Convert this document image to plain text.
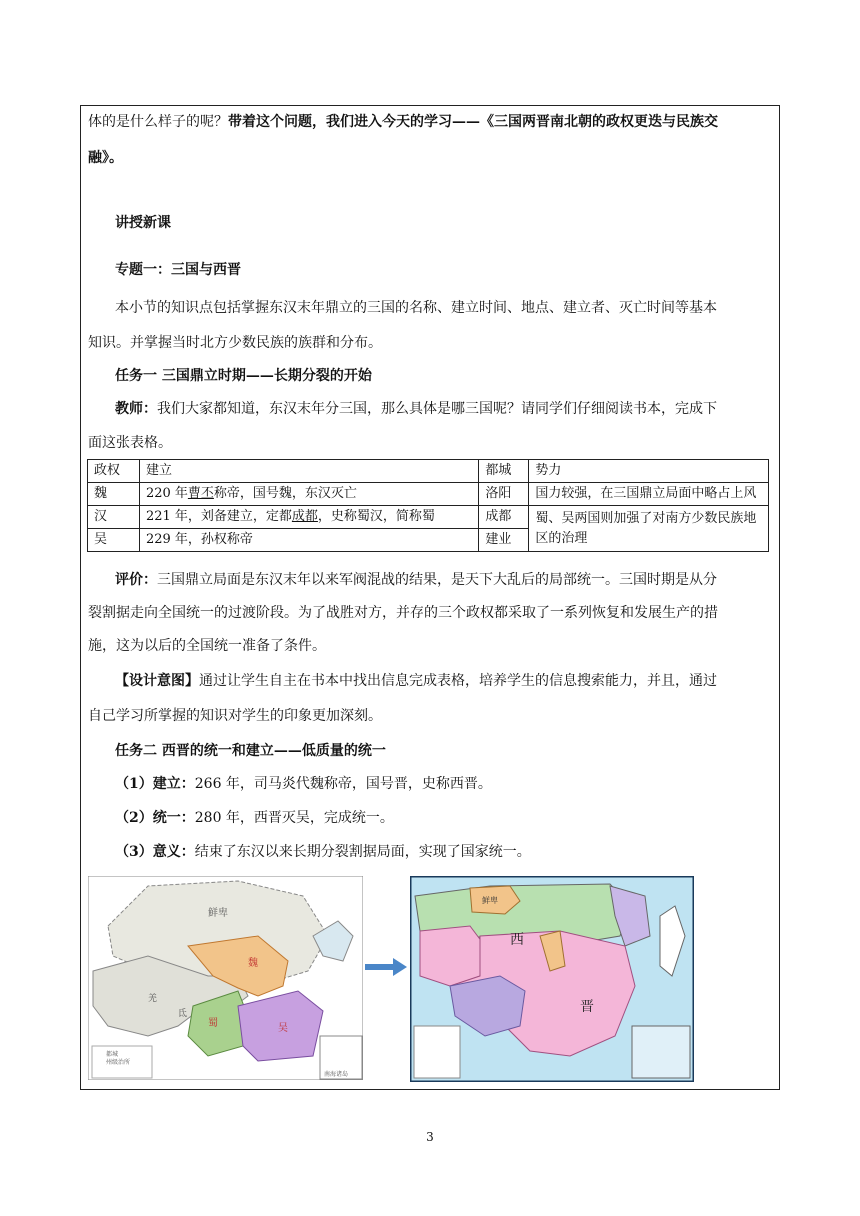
体的是什么样子的呢？带着这个问题，我们进入今天的学习——《三国两晋南北朝的政权更迭与民族交
融》。
讲授新课
专题一：三国与西晋
本小节的知识点包括掌握东汉末年鼎立的三国的名称、建立时间、地点、建立者、灭亡时间等基本
知识。并掌握当时北方少数民族的族群和分布。
任务一 三国鼎立时期——长期分裂的开始
教师：我们大家都知道，东汉末年分三国，那么具体是哪三国呢？请同学们仔细阅读书本，完成下
面这张表格。
政权	建立	都城	势力
魏	220 年曹丕称帝，国号魏，东汉灭亡	洛阳	国力较强，在三国鼎立局面中略占上风
汉	221 年，刘备建立，定都成都，史称蜀汉，简称蜀	成都	蜀、吴两国则加强了对南方少数民族地区的治理
吴	229 年，孙权称帝	建业	
评价：三国鼎立局面是东汉末年以来军阀混战的结果，是天下大乱后的局部统一。三国时期是从分
裂割据走向全国统一的过渡阶段。为了战胜对方，并存的三个政权都采取了一系列恢复和发展生产的措
施，这为以后的全国统一准备了条件。
【设计意图】通过让学生自主在书本中找出信息完成表格，培养学生的信息搜索能力，并且，通过
自己学习所掌握的知识对学生的印象更加深刻。
任务二 西晋的统一和建立——低质量的统一
（1）建立：266 年，司马炎代魏称帝，国号晋，史称西晋。
（2）统一：280 年，西晋灭吴，完成统一。
（3）意义：结束了东汉以来长期分裂割据局面，实现了国家统一。
鲜卑
魏
蜀	吴
羌
氐
都城
州级治所
南海诸岛
西
晋
鲜卑
3
